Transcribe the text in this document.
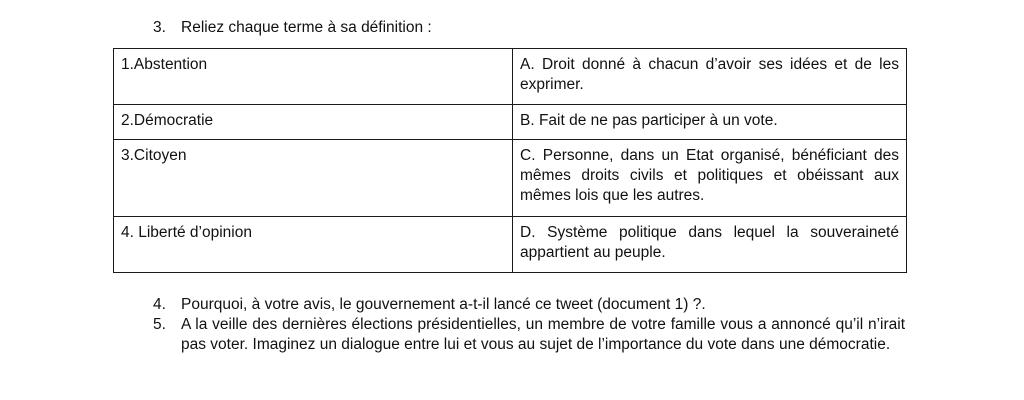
3. Reliez chaque terme à sa définition :
1.Abstention	A. Droit donné à chacun d’avoir ses idées et de les exprimer.
2.Démocratie	B. Fait de ne pas participer à un vote.
3.Citoyen	C. Personne, dans un Etat organisé, bénéficiant des mêmes droits civils et politiques et obéissant aux mêmes lois que les autres.
4. Liberté d’opinion	D. Système politique dans lequel la souveraineté appartient au peuple.
4. Pourquoi, à votre avis, le gouvernement a-t-il lancé ce tweet (document 1) ?.
5. A la veille des dernières élections présidentielles, un membre de votre famille vous a annoncé qu’il n’irait pas voter. Imaginez un dialogue entre lui et vous au sujet de l’importance du vote dans une démocratie.
